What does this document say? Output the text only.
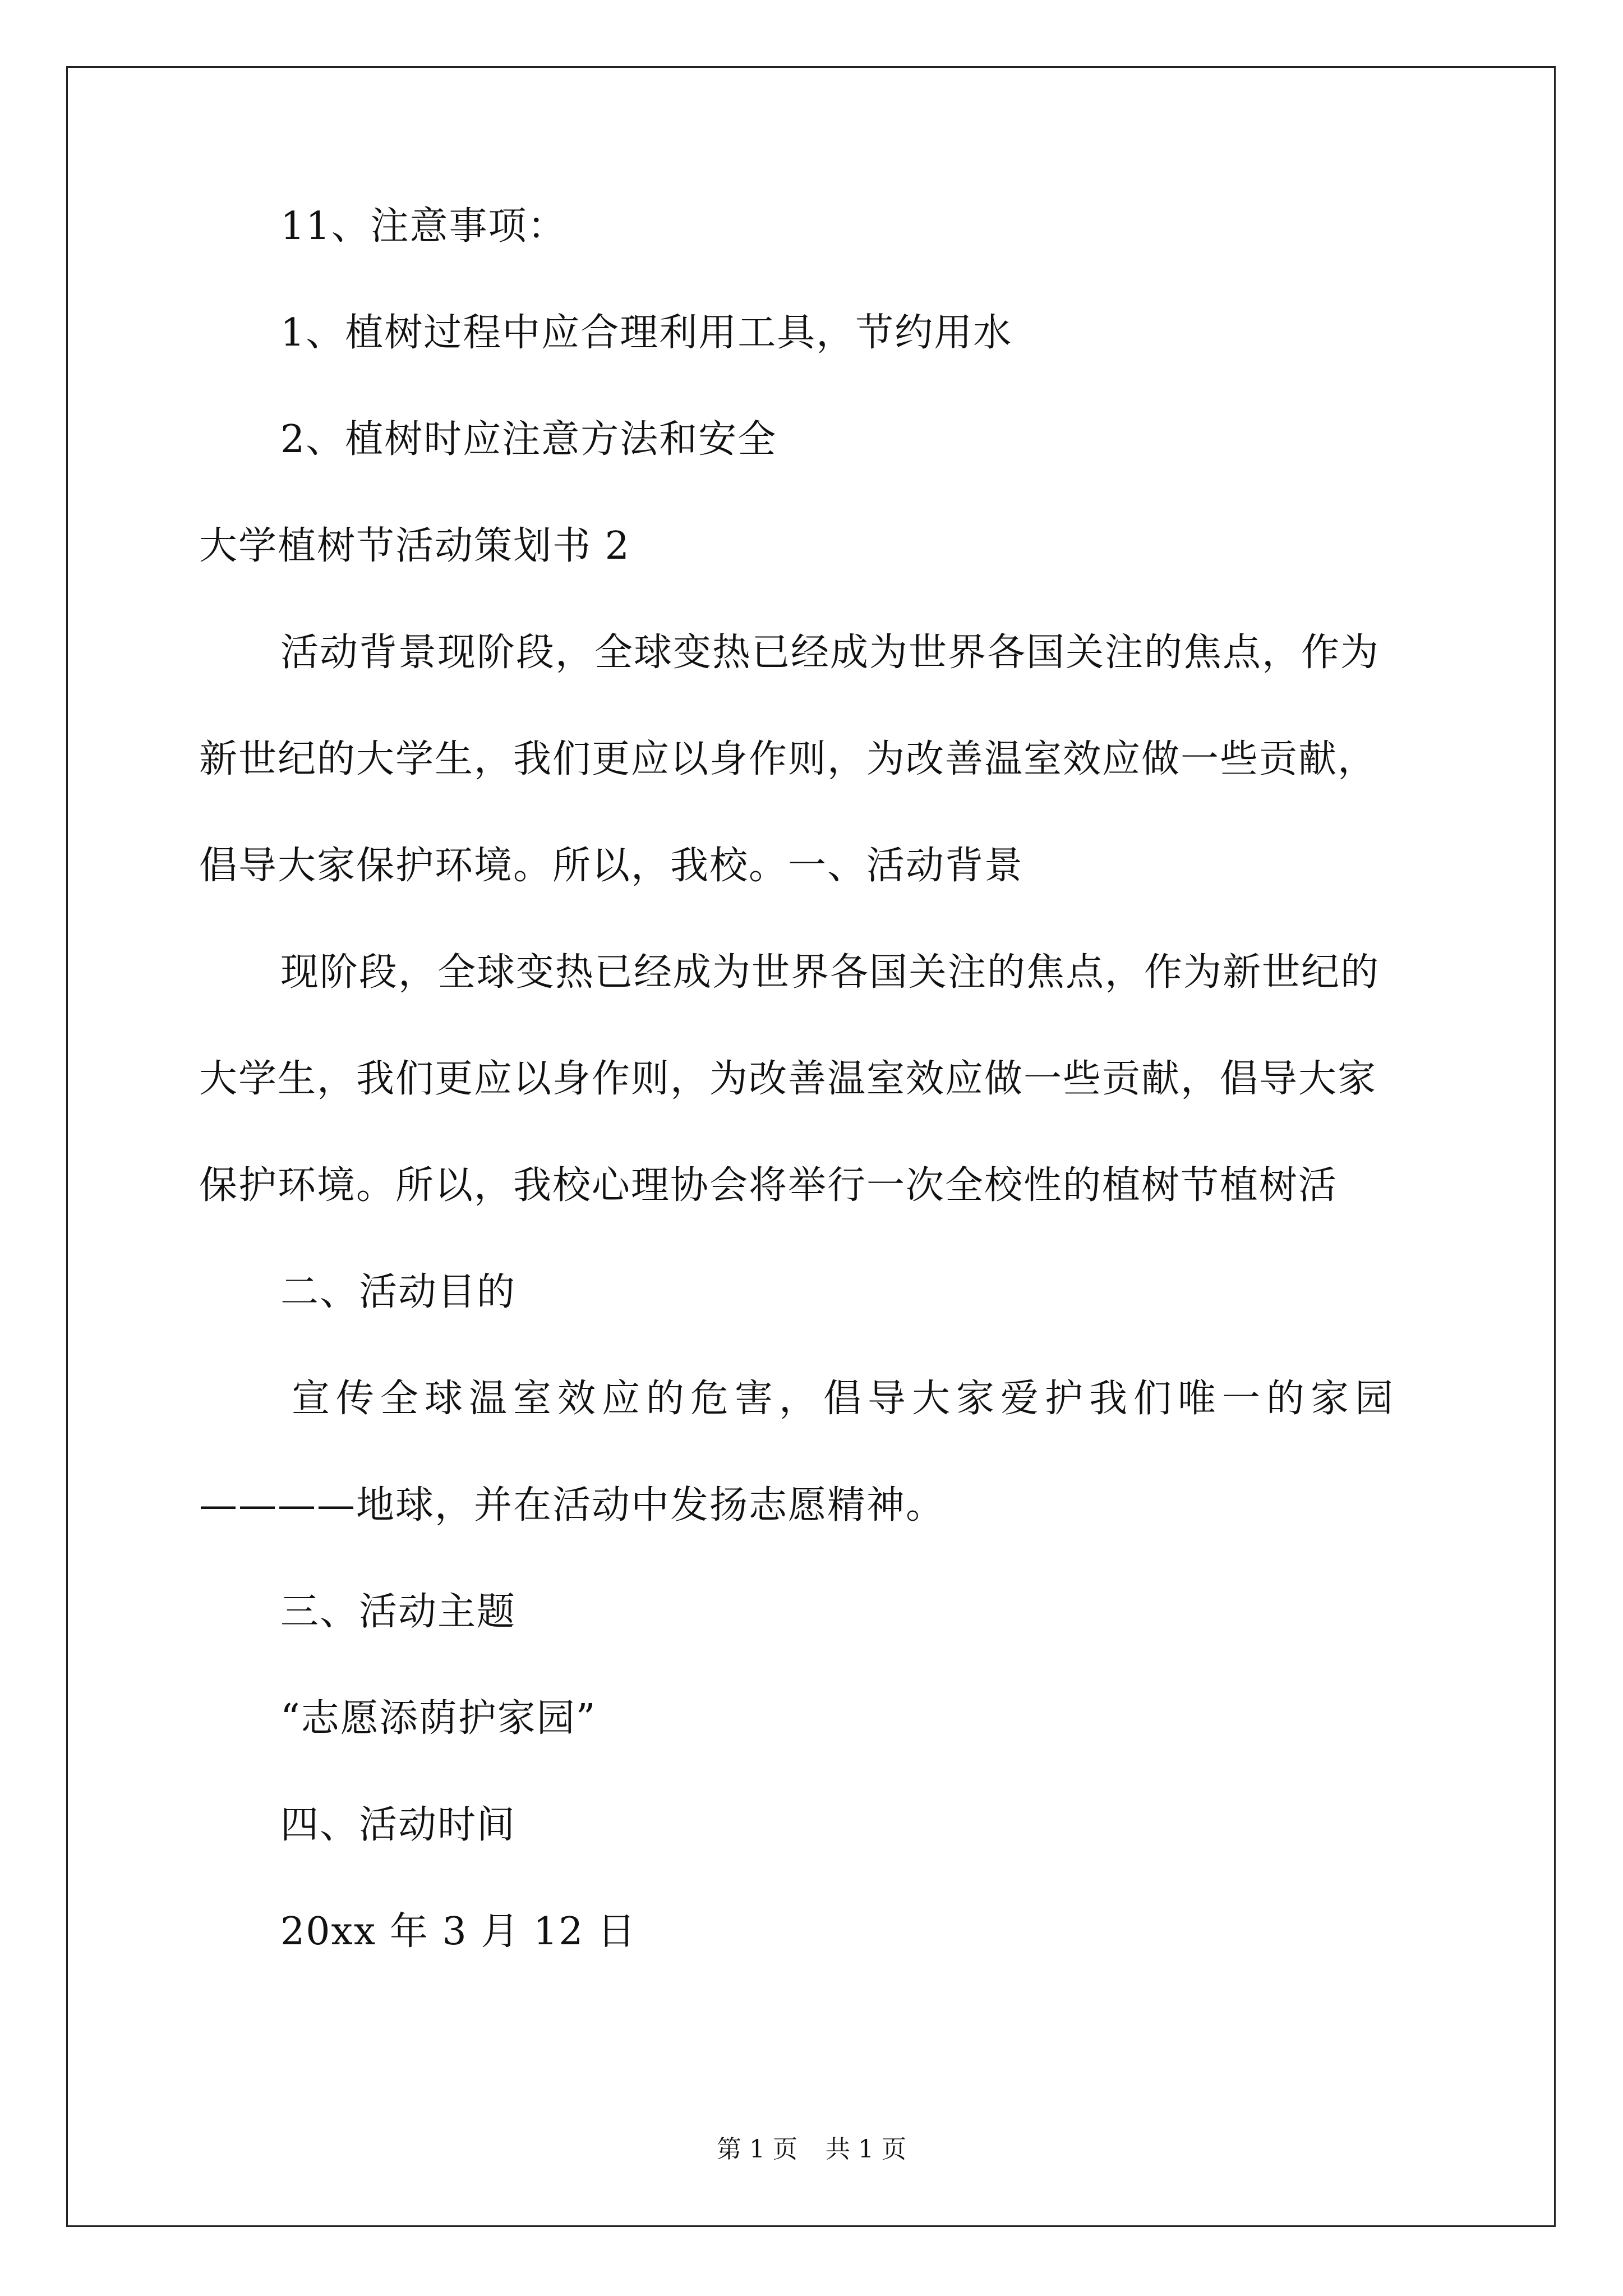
11、注意事项：
1、植树过程中应合理利用工具，节约用水
2、植树时应注意方法和安全
大学植树节活动策划书 2
活动背景现阶段，全球变热已经成为世界各国关注的焦点，作为
新世纪的大学生，我们更应以身作则，为改善温室效应做一些贡献，
倡导大家保护环境。所以，我校。一、活动背景
现阶段，全球变热已经成为世界各国关注的焦点，作为新世纪的
大学生，我们更应以身作则，为改善温室效应做一些贡献，倡导大家
保护环境。所以，我校心理协会将举行一次全校性的植树节植树活
二、活动目的
宣传全球温室效应的危害，倡导大家爱护我们唯一的家园
————地球，并在活动中发扬志愿精神。
三、活动主题
“志愿添荫护家园”
四、活动时间
20xx 年 3 月 12 日
第 1 页 共 1 页
